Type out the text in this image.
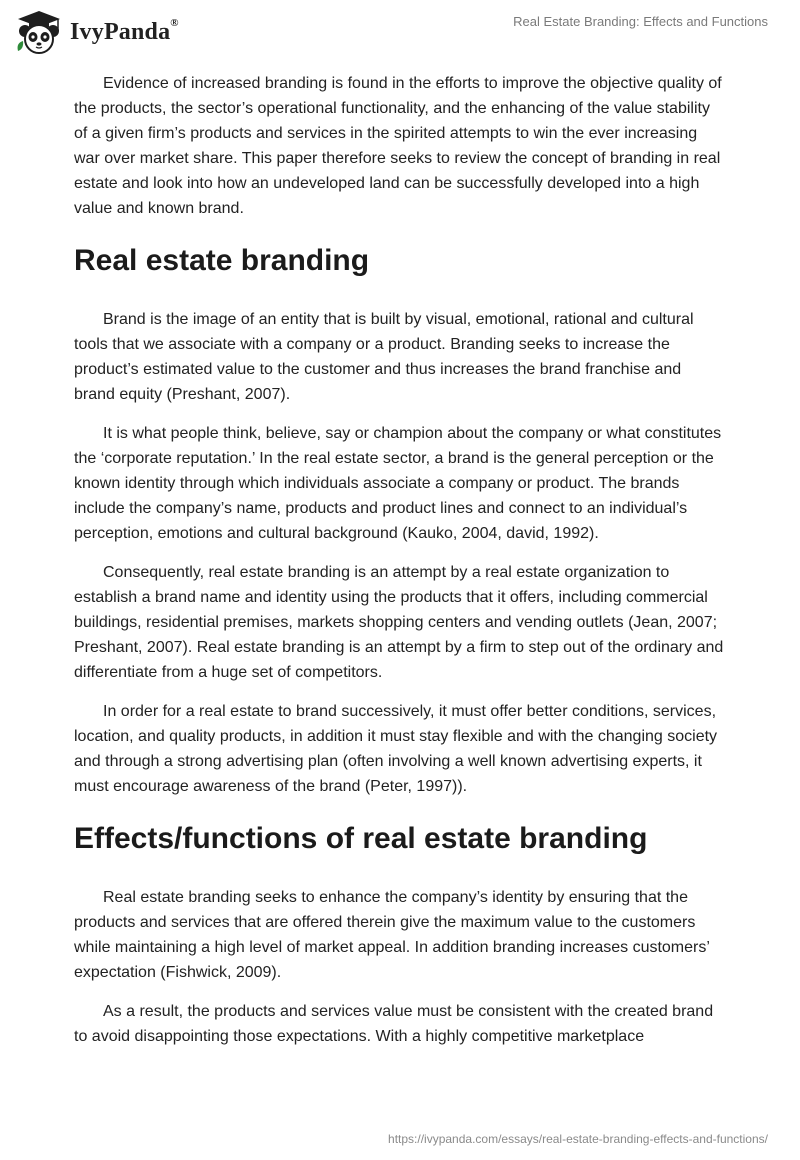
IvyPanda®	Real Estate Branding: Effects and Functions

Evidence of increased branding is found in the efforts to improve the objective quality of the products, the sector’s operational functionality, and the enhancing of the value stability of a given firm’s products and services in the spirited attempts to win the ever increasing war over market share. This paper therefore seeks to review the concept of branding in real estate and look into how an undeveloped land can be successfully developed into a high value and known brand.

Real estate branding

Brand is the image of an entity that is built by visual, emotional, rational and cultural tools that we associate with a company or a product. Branding seeks to increase the product’s estimated value to the customer and thus increases the brand franchise and brand equity (Preshant, 2007).

It is what people think, believe, say or champion about the company or what constitutes the ‘corporate reputation.’ In the real estate sector, a brand is the general perception or the known identity through which individuals associate a company or product. The brands include the company’s name, products and product lines and connect to an individual’s perception, emotions and cultural background (Kauko, 2004, david, 1992).

Consequently, real estate branding is an attempt by a real estate organization to establish a brand name and identity using the products that it offers, including commercial buildings, residential premises, markets shopping centers and vending outlets (Jean, 2007; Preshant, 2007). Real estate branding is an attempt by a firm to step out of the ordinary and differentiate from a huge set of competitors.

In order for a real estate to brand successively, it must offer better conditions, services, location, and quality products, in addition it must stay flexible and with the changing society and through a strong advertising plan (often involving a well known advertising experts, it must encourage awareness of the brand (Peter, 1997)).

Effects/functions of real estate branding

Real estate branding seeks to enhance the company’s identity by ensuring that the products and services that are offered therein give the maximum value to the customers while maintaining a high level of market appeal. In addition branding increases customers’ expectation (Fishwick, 2009).

As a result, the products and services value must be consistent with the created brand to avoid disappointing those expectations. With a highly competitive marketplace

https://ivypanda.com/essays/real-estate-branding-effects-and-functions/
